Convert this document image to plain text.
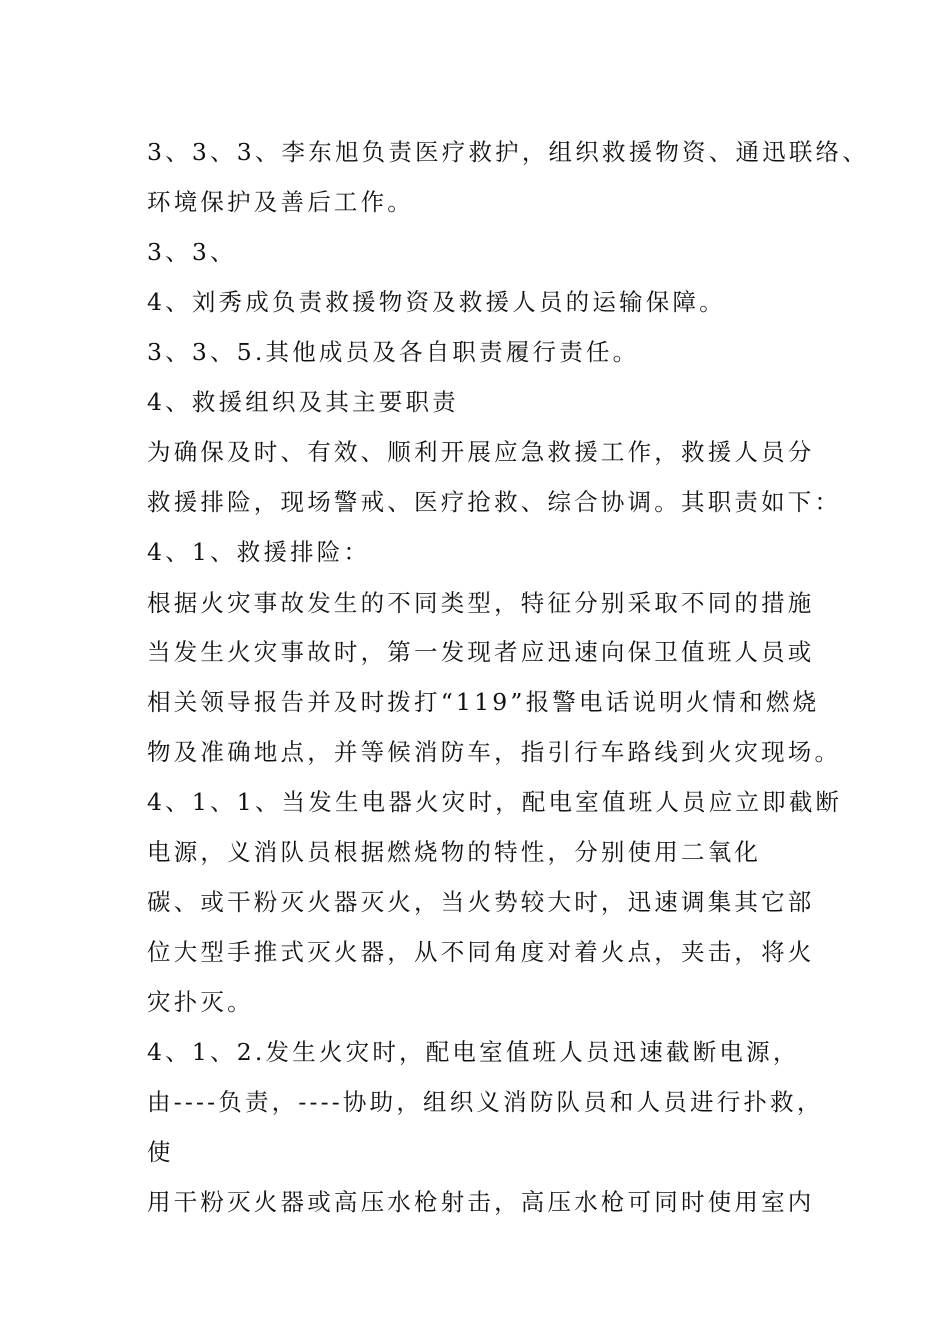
3、3、3、李东旭负责医疗救护，组织救援物资、通迅联络、
环境保护及善后工作。
3、3、
4、刘秀成负责救援物资及救援人员的运输保障。
3、3、5.其他成员及各自职责履行责任。
4、救援组织及其主要职责
为确保及时、有效、顺利开展应急救援工作，救援人员分
救援排险，现场警戒、医疗抢救、综合协调。其职责如下：
4、1、救援排险：
根据火灾事故发生的不同类型，特征分别采取不同的措施
当发生火灾事故时，第一发现者应迅速向保卫值班人员或
相关领导报告并及时拨打“119”报警电话说明火情和燃烧
物及准确地点，并等候消防车，指引行车路线到火灾现场。
4、1、1、当发生电器火灾时，配电室值班人员应立即截断
电源，义消队员根据燃烧物的特性，分别使用二氧化
碳、或干粉灭火器灭火，当火势较大时，迅速调集其它部
位大型手推式灭火器，从不同角度对着火点，夹击，将火
灾扑灭。
4、1、2.发生火灾时，配电室值班人员迅速截断电源，
由----负责，----协助，组织义消防队员和人员进行扑救，
使
用干粉灭火器或高压水枪射击，高压水枪可同时使用室内
